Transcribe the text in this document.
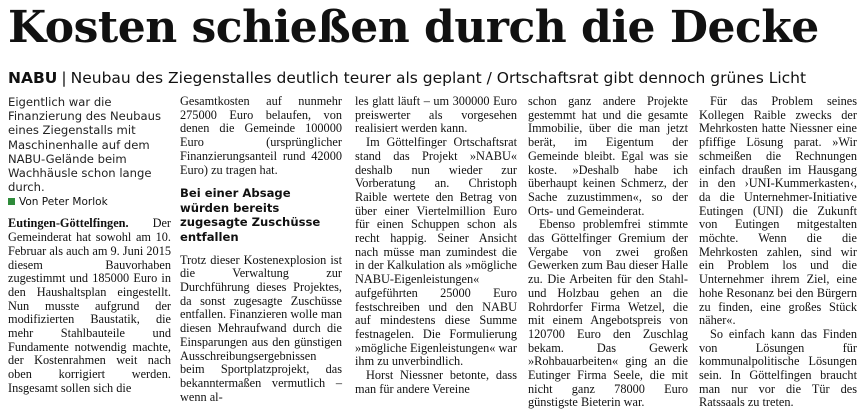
Kosten schießen durch die Decke
NABU | Neubau des Ziegenstalles deutlich teurer als geplant / Ortschaftsrat gibt dennoch grünes Licht

Eigentlich war die Finanzierung des Neubaus eines Ziegenstalls mit Maschinenhalle auf dem NABU-Gelände beim Wachhäusle schon lange durch.

Von Peter Morlok

Eutingen-Göttelfingen. Der Gemeinderat hat sowohl am 10. Februar als auch am 9. Juni 2015 diesem Bauvorhaben zugestimmt und 185000 Euro in den Haushaltsplan eingestellt. Nun musste aufgrund der modifizierten Baustatik, die mehr Stahlbauteile und Fundamente notwendig machte, der Kostenrahmen weit nach oben korrigiert werden. Insgesamt sollen sich die

Gesamtkosten auf nunmehr 275000 Euro belaufen, von denen die Gemeinde 100000 Euro (ursprünglicher Finanzierungsanteil rund 42000 Euro) zu tragen hat.

Bei einer Absage würden bereits zugesagte Zuschüsse entfallen

Trotz dieser Kostenexplosion ist die Verwaltung zur Durchführung dieses Projektes, da sonst zugesagte Zuschüsse entfallen. Finanzieren wolle man diesen Mehraufwand durch die Einsparungen aus den günstigen Ausschreibungsergebnissen beim Sportplatzprojekt, das bekanntermaßen vermutlich – wenn al-

les glatt läuft – um 300000 Euro preiswerter als vorgesehen realisiert werden kann.

Im Göttelfinger Ortschaftsrat stand das Projekt »NABU« deshalb nun wieder zur Vorberatung an. Christoph Raible wertete den Betrag von über einer Viertelmillion Euro für einen Schuppen schon als recht happig. Seiner Ansicht nach müsse man zumindest die in der Kalkulation als »mögliche NABU-Eigenleistungen« aufgeführten 25000 Euro festschreiben und den NABU auf mindestens diese Summe festnagelen. Die Formulierung »mögliche Eigenleistungen« war ihm zu unverbindlich.

Horst Niessner betonte, dass man für andere Vereine

schon ganz andere Projekte gestemmt hat und die gesamte Immobilie, über die man jetzt berät, im Eigentum der Gemeinde bleibt. Egal was sie koste. »Deshalb habe ich überhaupt keinen Schmerz, der Sache zuzustimmen«, so der Orts- und Gemeinderat.

Ebenso problemfrei stimmte das Göttelfinger Gremium der Vergabe von zwei großen Gewerken zum Bau dieser Halle zu. Die Arbeiten für den Stahl- und Holzbau gehen an die Rohrdorfer Firma Wetzel, die mit einem Angebotspreis von 120700 Euro den Zuschlag bekam. Das Gewerk »Rohbauarbeiten« ging an die Eutinger Firma Seele, die mit nicht ganz 78000 Euro günstigste Bieterin war.

Für das Problem seines Kollegen Raible zwecks der Mehrkosten hatte Niessner eine pfiffige Lösung parat. »Wir schmeißen die Rechnungen einfach draußen im Hausgang in den ›UNI-Kummerkasten‹, da die Unternehmer-Initiative Eutingen (UNI) die Zukunft von Eutingen mitgestalten möchte. Wenn die die Mehrkosten zahlen, sind wir ein Problem los und die Unternehmer ihrem Ziel, eine hohe Resonanz bei den Bürgern zu finden, eine großes Stück näher«.

So einfach kann das Finden von Lösungen für kommunalpolitische Lösungen sein. In Göttelfingen braucht man nur vor die Tür des Ratssaals zu treten.
